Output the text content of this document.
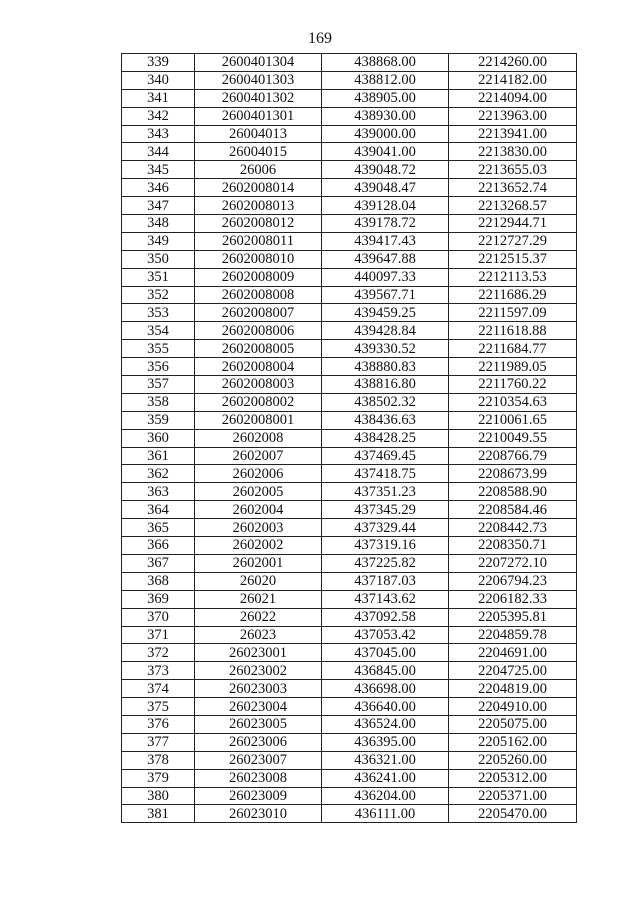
169
339	2600401304	438868.00	2214260.00
340	2600401303	438812.00	2214182.00
341	2600401302	438905.00	2214094.00
342	2600401301	438930.00	2213963.00
343	26004013	439000.00	2213941.00
344	26004015	439041.00	2213830.00
345	26006	439048.72	2213655.03
346	2602008014	439048.47	2213652.74
347	2602008013	439128.04	2213268.57
348	2602008012	439178.72	2212944.71
349	2602008011	439417.43	2212727.29
350	2602008010	439647.88	2212515.37
351	2602008009	440097.33	2212113.53
352	2602008008	439567.71	2211686.29
353	2602008007	439459.25	2211597.09
354	2602008006	439428.84	2211618.88
355	2602008005	439330.52	2211684.77
356	2602008004	438880.83	2211989.05
357	2602008003	438816.80	2211760.22
358	2602008002	438502.32	2210354.63
359	2602008001	438436.63	2210061.65
360	2602008	438428.25	2210049.55
361	2602007	437469.45	2208766.79
362	2602006	437418.75	2208673.99
363	2602005	437351.23	2208588.90
364	2602004	437345.29	2208584.46
365	2602003	437329.44	2208442.73
366	2602002	437319.16	2208350.71
367	2602001	437225.82	2207272.10
368	26020	437187.03	2206794.23
369	26021	437143.62	2206182.33
370	26022	437092.58	2205395.81
371	26023	437053.42	2204859.78
372	26023001	437045.00	2204691.00
373	26023002	436845.00	2204725.00
374	26023003	436698.00	2204819.00
375	26023004	436640.00	2204910.00
376	26023005	436524.00	2205075.00
377	26023006	436395.00	2205162.00
378	26023007	436321.00	2205260.00
379	26023008	436241.00	2205312.00
380	26023009	436204.00	2205371.00
381	26023010	436111.00	2205470.00
